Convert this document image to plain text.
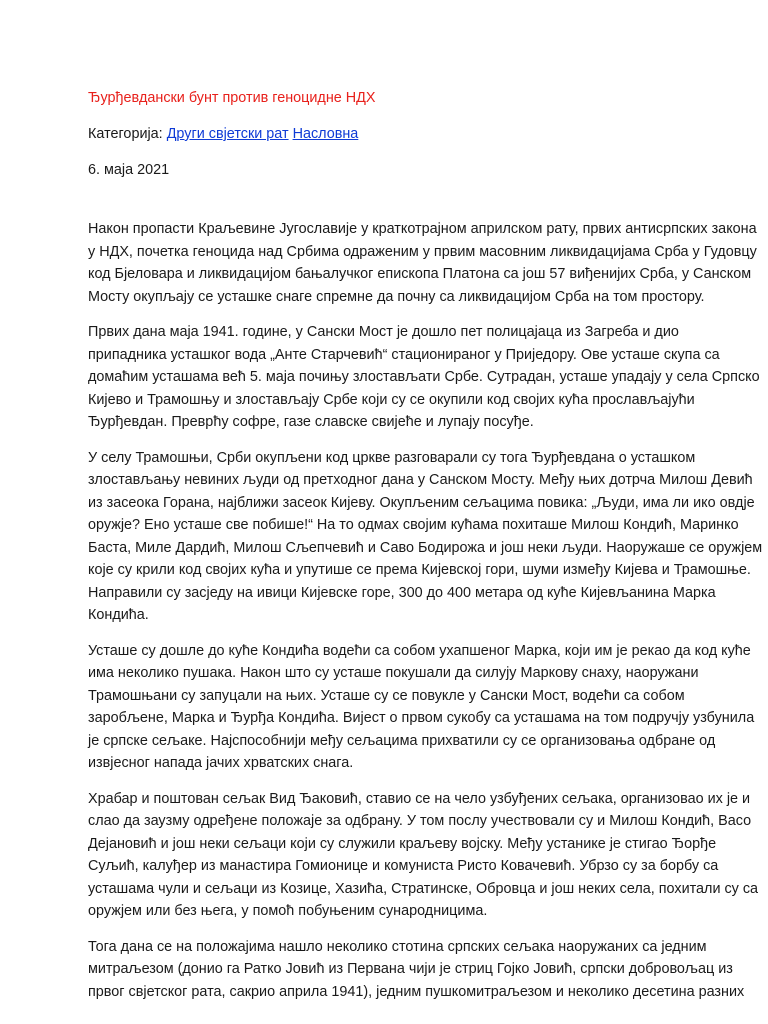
Ђурђевдански бунт против геноцидне НДХ
Категорија: Други свјетски рат Насловна
6. маја 2021
Након пропасти Краљевине Југославије у краткотрајном априлском рату, првих антисрпских закона
у НДХ, почетка геноцида над Србима одраженим у првим масовним ликвидацијама Срба у Гудовцу
код Бјеловара и ликвидацијом бањалучког епископа Платона са још 57 виђенијих Срба, у Санском
Мосту окупљају се усташке снаге спремне да почну са ликвидацијом Срба на том простору.
Првих дана маја 1941. године, у Сански Мост је дошло пет полицајаца из Загреба и дио
припадника усташког вода „Анте Старчевић“ стационираног у Приједору. Ове усташе скупа са
домаћим усташама већ 5. маја почињу злостављати Србе. Сутрадан, усташе упадају у села Српско
Кијево и Трамошњу и злостављају Србе који су се окупили код својих кућа прослављајући
Ђурђевдан. Преврћу софре, газе славске свијеће и лупају посуђе.
У селу Трамошњи, Срби окупљени код цркве разговарали су тога Ђурђевдана о усташком
злостављању невиних људи од претходног дана у Санском Мосту. Међу њих дотрча Милош Девић
из засеока Горана, најближи засеок Кијеву. Окупљеним сељацима повика: „Људи, има ли ико овдје
оружје? Ено усташе све побише!“ На то одмах својим кућама похиташе Милош Кондић, Маринко
Баста, Миле Дардић, Милош Сљепчевић и Саво Бодирожа и још неки људи. Наоружаше се оружјем
које су крили код својих кућа и упутише се према Кијевској гори, шуми између Кијева и Трамошње.
Направили су засједу на ивици Кијевске горе, 300 до 400 метара од куће Кијевљанина Марка
Кондића.
Усташе су дошле до куће Кондића водећи са собом ухапшеног Марка, који им је рекао да код куће
има неколико пушака. Након што су усташе покушали да силују Маркову снаху, наоружани
Трамошњани су запуцали на њих. Усташе су се повукле у Сански Мост, водећи са собом
заробљене, Марка и Ђурђа Кондића. Вијест о првом сукобу са усташама на том подручју узбунила
је српске сељаке. Најспособнији међу сељацима прихватили су се организовања одбране од
извјесног напада јачих хрватских снага.
Храбар и поштован сељак Вид Ђаковић, ставио се на чело узбуђених сељака, организовао их је и
слао да заузму одређене положаје за одбрану. У том послу учествовали су и Милош Кондић, Васо
Дејановић и још неки сељаци који су служили краљеву војску. Међу устанике је стигао Ђорђе
Суљић, калуђер из манастира Гомионице и комуниста Ристо Ковачевић. Убрзо су за борбу са
усташама чули и сељаци из Козице, Хазића, Стратинске, Обровца и још неких села, похитали су са
оружјем или без њега, у помоћ побуњеним сународницима.
Тога дана се на положајима нашло неколико стотина српских сељака наоружаних са једним
митраљезом (донио га Ратко Јовић из Первана чији је стриц Гојко Јовић, српски добровољац из
првог свјетског рата, сакрио априла 1941), једним пушкомитраљезом и неколико десетина разних
